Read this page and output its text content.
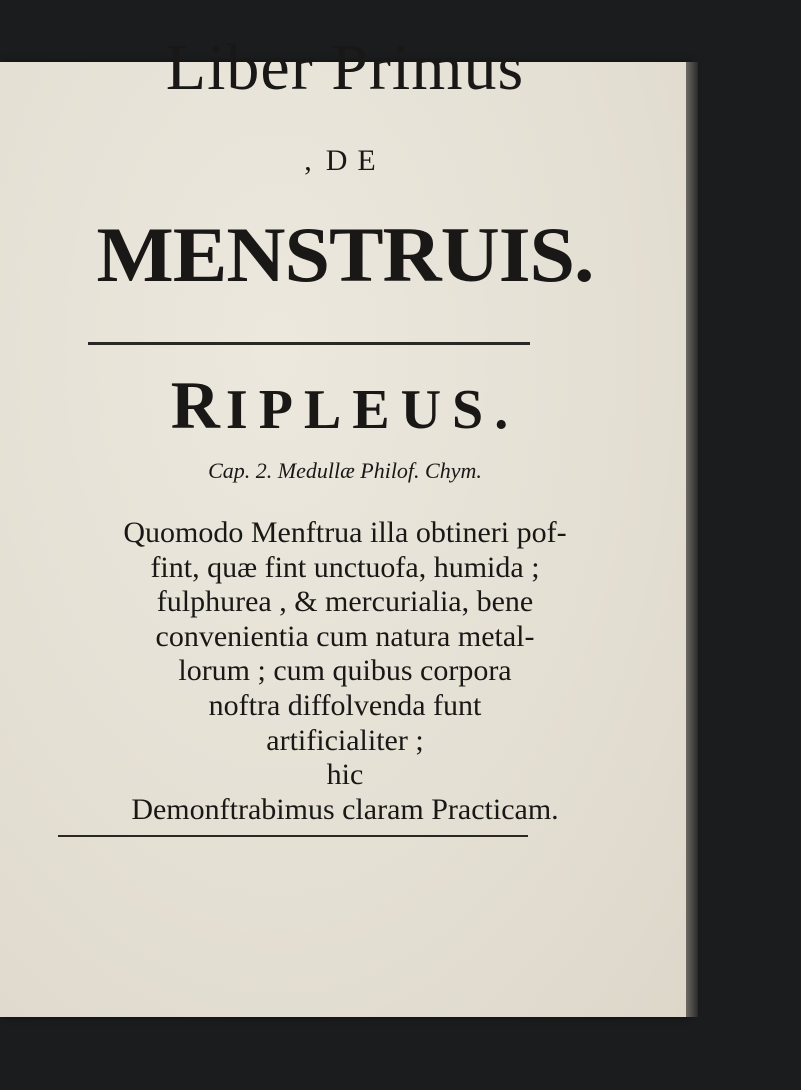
Liber Primus
, DE
MENSTRUIS.
RIPLEUS.
Cap. 2. Medullæ Philof. Chym.
Quomodo Menftrua illa obtineri pof-
fint, quæ fint unctuofa, humida ;
fulphurea , & mercurialia, bene
convenientia cum natura metal-
lorum ; cum quibus corpora
noftra diffolvenda funt
artificialiter ;
hic
Demonftrabimus claram Practicam.
